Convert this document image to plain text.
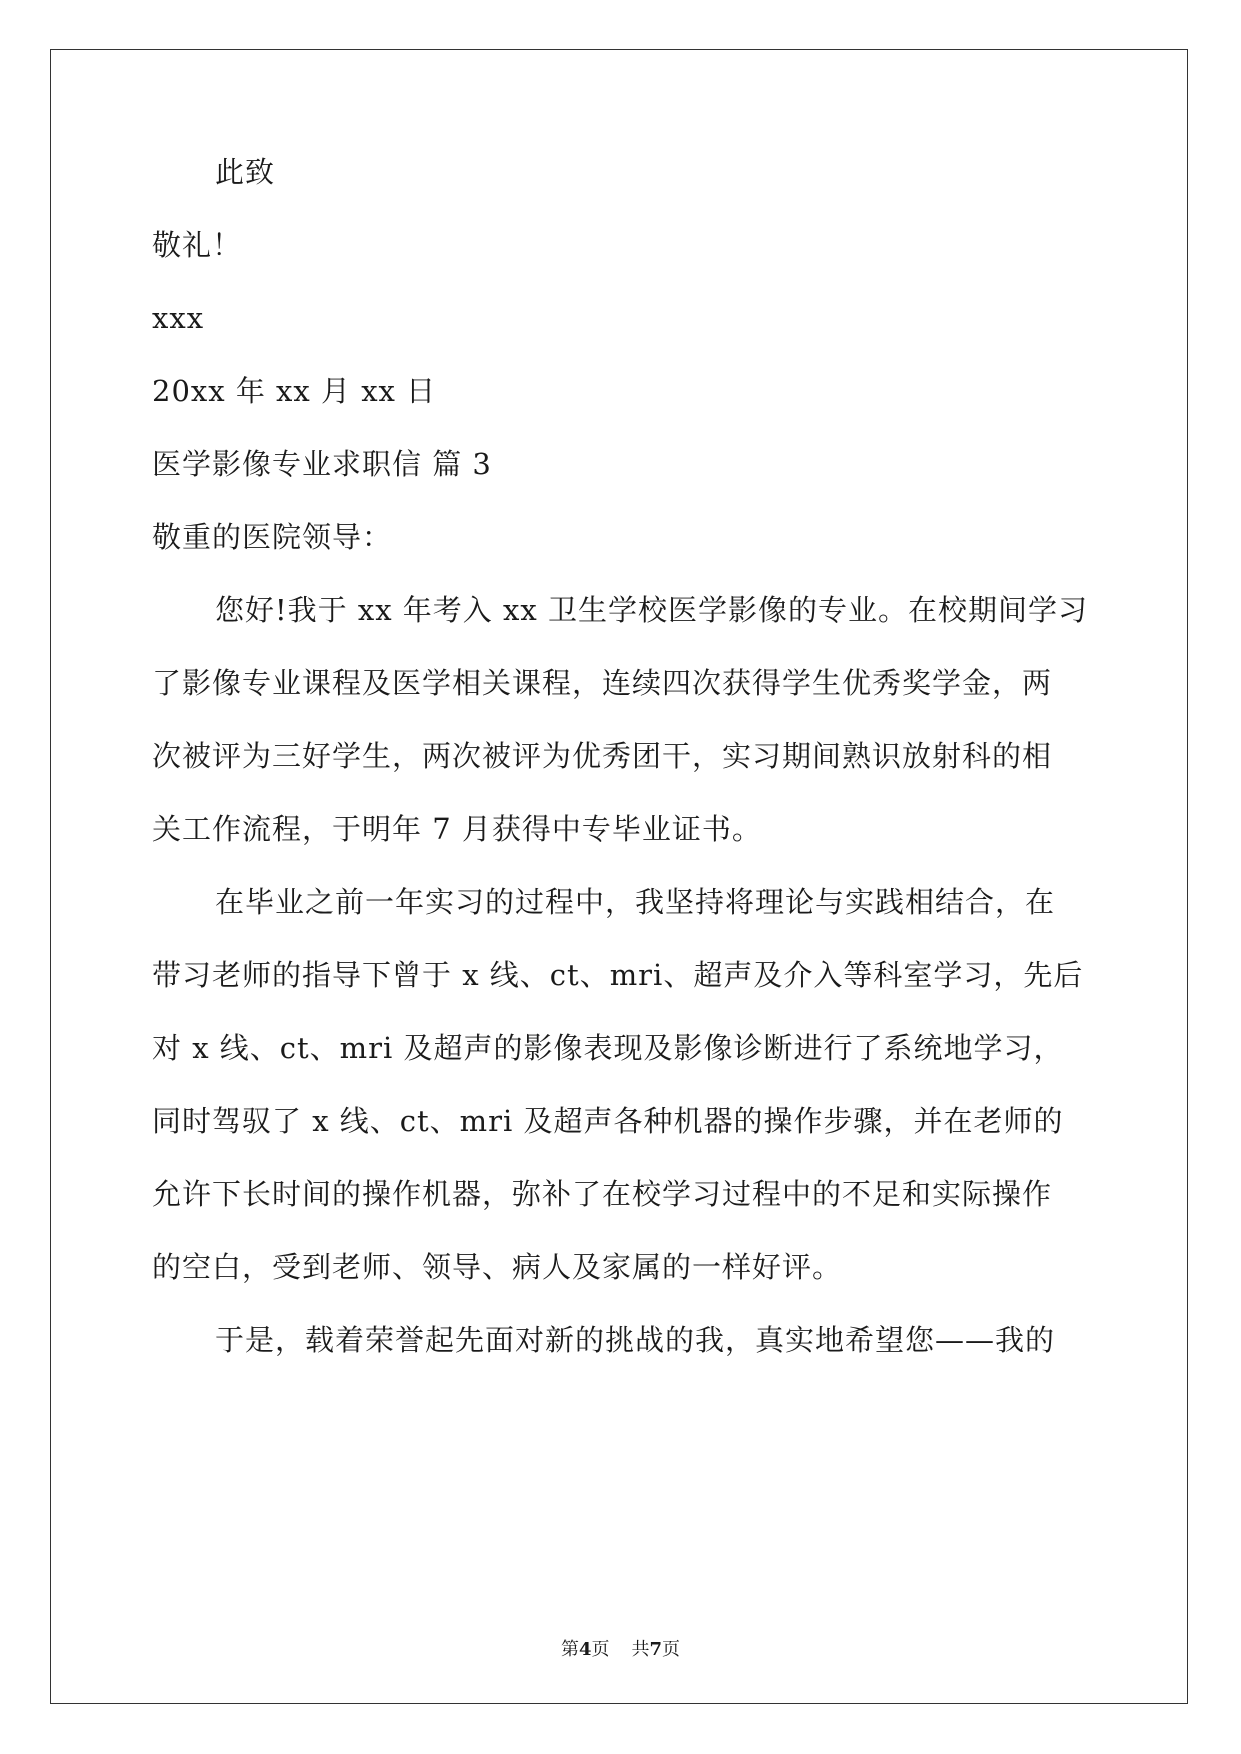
此致
敬礼！
xxx
20xx 年 xx 月 xx 日
医学影像专业求职信 篇 3
敬重的医院领导：
您好!我于 xx 年考入 xx 卫生学校医学影像的专业。在校期间学习
了影像专业课程及医学相关课程，连续四次获得学生优秀奖学金，两
次被评为三好学生，两次被评为优秀团干，实习期间熟识放射科的相
关工作流程，于明年 7 月获得中专毕业证书。
在毕业之前一年实习的过程中，我坚持将理论与实践相结合，在
带习老师的指导下曾于 x 线、ct、mri、超声及介入等科室学习，先后
对 x 线、ct、mri 及超声的影像表现及影像诊断进行了系统地学习，
同时驾驭了 x 线、ct、mri 及超声各种机器的操作步骤，并在老师的
允许下长时间的操作机器，弥补了在校学习过程中的不足和实际操作
的空白，受到老师、领导、病人及家属的一样好评。
于是，载着荣誉起先面对新的挑战的我，真实地希望您——我的
第4页 共7页
